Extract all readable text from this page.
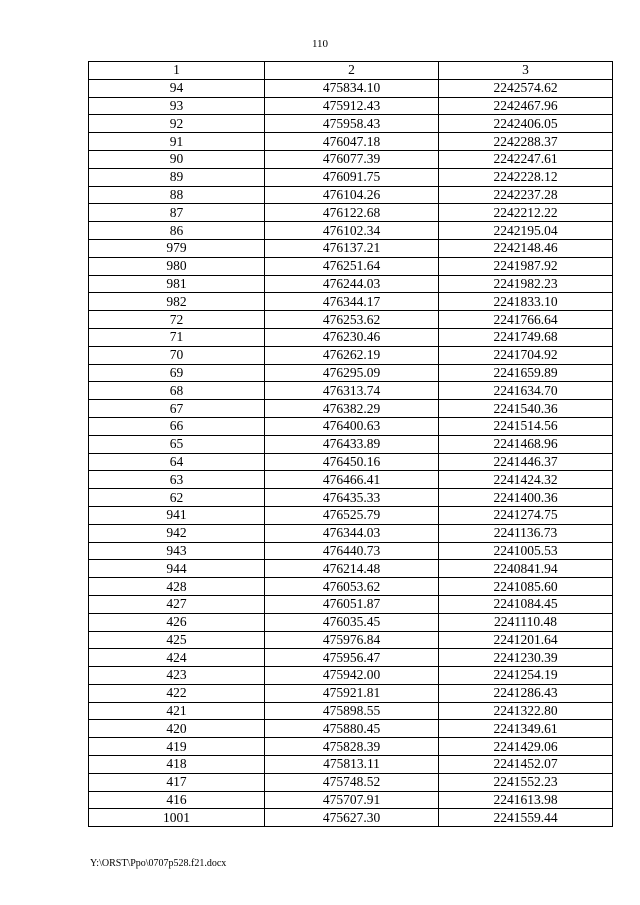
110
1	2	3
94	475834.10	2242574.62
93	475912.43	2242467.96
92	475958.43	2242406.05
91	476047.18	2242288.37
90	476077.39	2242247.61
89	476091.75	2242228.12
88	476104.26	2242237.28
87	476122.68	2242212.22
86	476102.34	2242195.04
979	476137.21	2242148.46
980	476251.64	2241987.92
981	476244.03	2241982.23
982	476344.17	2241833.10
72	476253.62	2241766.64
71	476230.46	2241749.68
70	476262.19	2241704.92
69	476295.09	2241659.89
68	476313.74	2241634.70
67	476382.29	2241540.36
66	476400.63	2241514.56
65	476433.89	2241468.96
64	476450.16	2241446.37
63	476466.41	2241424.32
62	476435.33	2241400.36
941	476525.79	2241274.75
942	476344.03	2241136.73
943	476440.73	2241005.53
944	476214.48	2240841.94
428	476053.62	2241085.60
427	476051.87	2241084.45
426	476035.45	2241110.48
425	475976.84	2241201.64
424	475956.47	2241230.39
423	475942.00	2241254.19
422	475921.81	2241286.43
421	475898.55	2241322.80
420	475880.45	2241349.61
419	475828.39	2241429.06
418	475813.11	2241452.07
417	475748.52	2241552.23
416	475707.91	2241613.98
1001	475627.30	2241559.44
Y:\ORST\Ppo\0707p528.f21.docx
